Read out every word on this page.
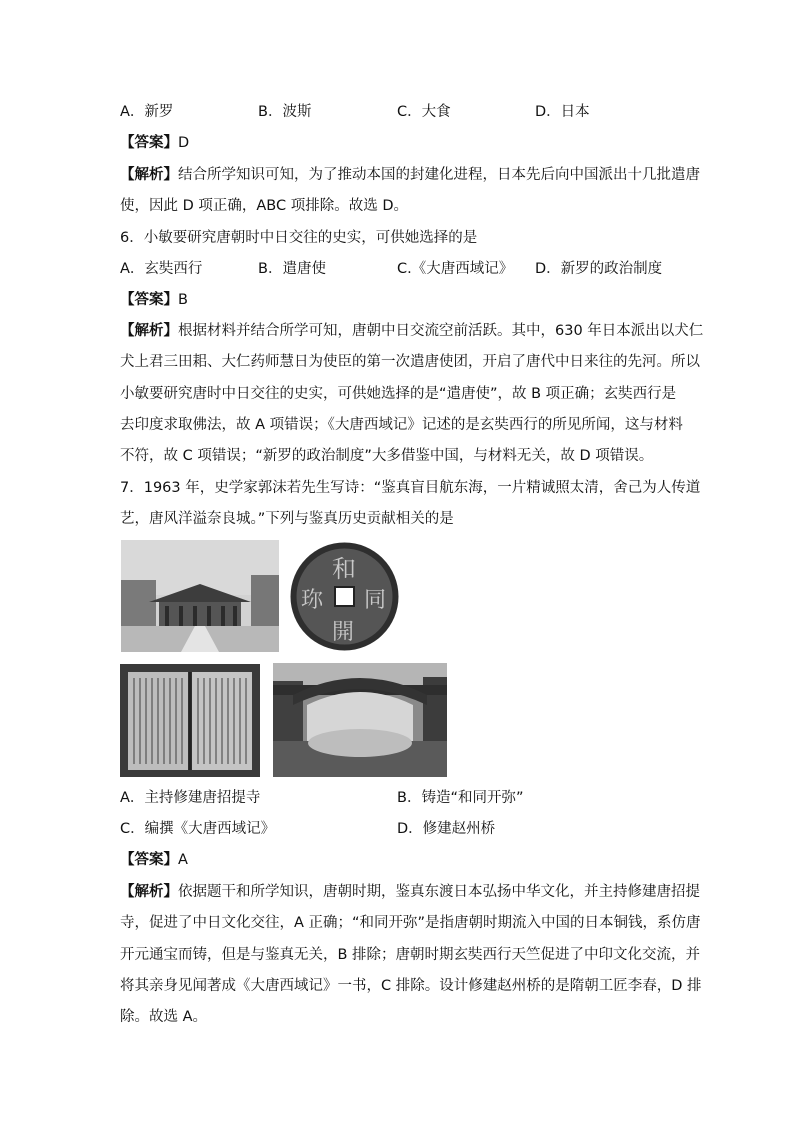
A．新罗	B．波斯	C．大食	D．日本
【答案】D
【解析】结合所学知识可知，为了推动本国的封建化进程，日本先后向中国派出十几批遣唐
使，因此 D 项正确，ABC 项排除。故选 D。
6．小敏要研究唐朝时中日交往的史实，可供她选择的是
A．玄奘西行	B．遣唐使	C.《大唐西域记》 D．新罗的政治制度
【答案】B
【解析】根据材料并结合所学可知，唐朝中日交流空前活跃。其中，630 年日本派出以犬仁
犬上君三田耜、大仁药师慧日为使臣的第一次遣唐使团，开启了唐代中日来往的先河。所以
小敏要研究唐时中日交往的史实，可供她选择的是“遣唐使”，故 B 项正确；玄奘西行是
去印度求取佛法，故 A 项错误；《大唐西域记》记述的是玄奘西行的所见所闻，这与材料
不符，故 C 项错误；“新罗的政治制度”大多借鉴中国，与材料无关，故 D 项错误。
7．1963 年，史学家郭沫若先生写诗：“鉴真盲目航东海，一片精诚照太清，舍己为人传道
艺，唐风洋溢奈良城。”下列与鉴真历史贡献相关的是
和
同
開
珎
A．主持修建唐招提寺	B．铸造“和同开弥”
C．编撰《大唐西域记》	D．修建赵州桥
【答案】A
【解析】依据题干和所学知识，唐朝时期，鉴真东渡日本弘扬中华文化，并主持修建唐招提
寺，促进了中日文化交往，A 正确；“和同开弥”是指唐朝时期流入中国的日本铜钱，系仿唐
开元通宝而铸，但是与鉴真无关，B 排除；唐朝时期玄奘西行天竺促进了中印文化交流，并
将其亲身见闻著成《大唐西域记》一书，C 排除。设计修建赵州桥的是隋朝工匠李春，D 排
除。故选 A。
